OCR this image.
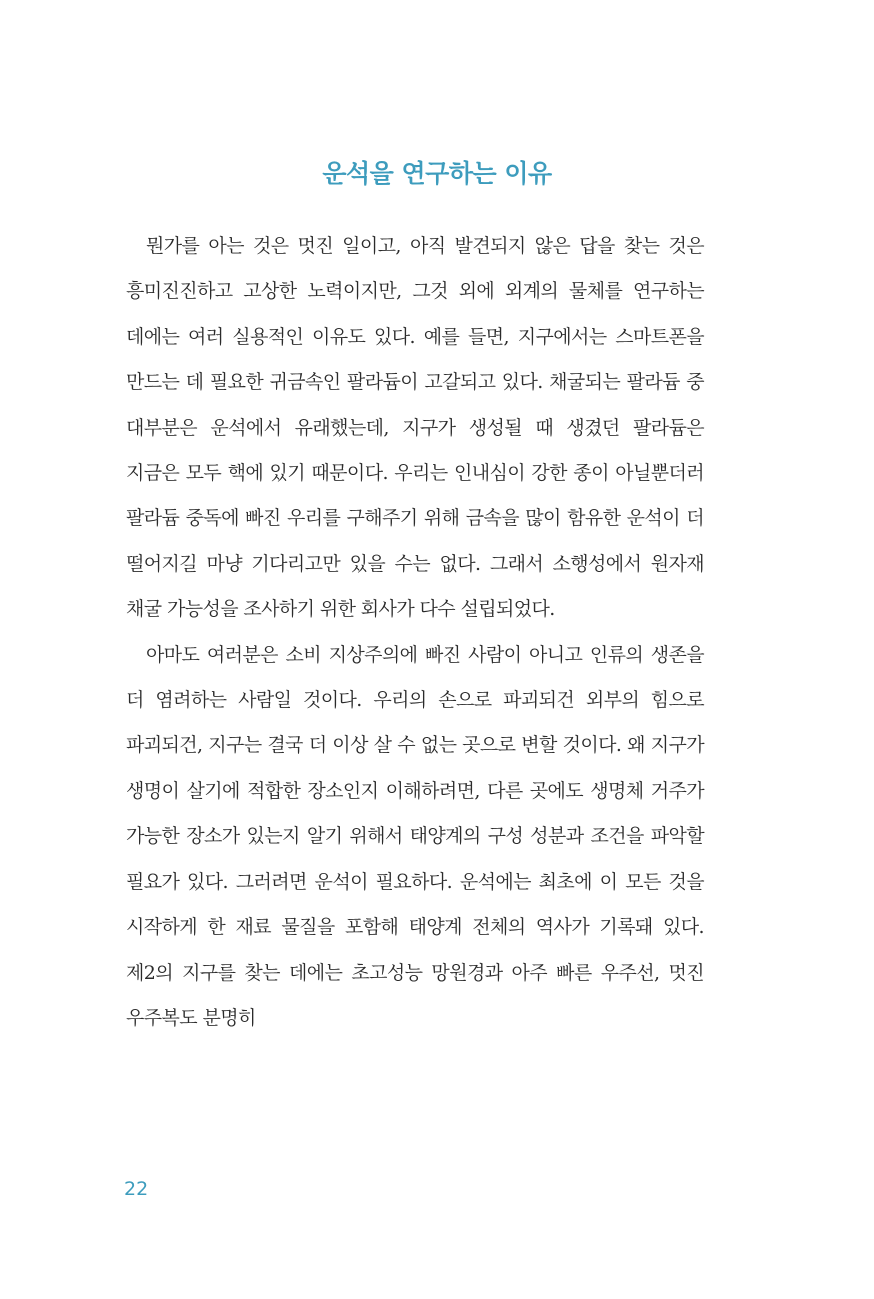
운석을 연구하는 이유

뭔가를 아는 것은 멋진 일이고, 아직 발견되지 않은 답을 찾는 것은 흥미진진하고 고상한 노력이지만, 그것 외에 외계의 물체를 연구하는 데에는 여러 실용적인 이유도 있다. 예를 들면, 지구에서는 스마트폰을 만드는 데 필요한 귀금속인 팔라듐이 고갈되고 있다. 채굴되는 팔라듐 중 대부분은 운석에서 유래했는데, 지구가 생성될 때 생겼던 팔라듐은 지금은 모두 핵에 있기 때문이다. 우리는 인내심이 강한 종이 아닐뿐더러 팔라듐 중독에 빠진 우리를 구해주기 위해 금속을 많이 함유한 운석이 더 떨어지길 마냥 기다리고만 있을 수는 없다. 그래서 소행성에서 원자재 채굴 가능성을 조사하기 위한 회사가 다수 설립되었다.

아마도 여러분은 소비 지상주의에 빠진 사람이 아니고 인류의 생존을 더 염려하는 사람일 것이다. 우리의 손으로 파괴되건 외부의 힘으로 파괴되건, 지구는 결국 더 이상 살 수 없는 곳으로 변할 것이다. 왜 지구가 생명이 살기에 적합한 장소인지 이해하려면, 다른 곳에도 생명체 거주가 가능한 장소가 있는지 알기 위해서 태양계의 구성 성분과 조건을 파악할 필요가 있다. 그러려면 운석이 필요하다. 운석에는 최초에 이 모든 것을 시작하게 한 재료 물질을 포함해 태양계 전체의 역사가 기록돼 있다. 제2의 지구를 찾는 데에는 초고성능 망원경과 아주 빠른 우주선, 멋진 우주복도 분명히

22
